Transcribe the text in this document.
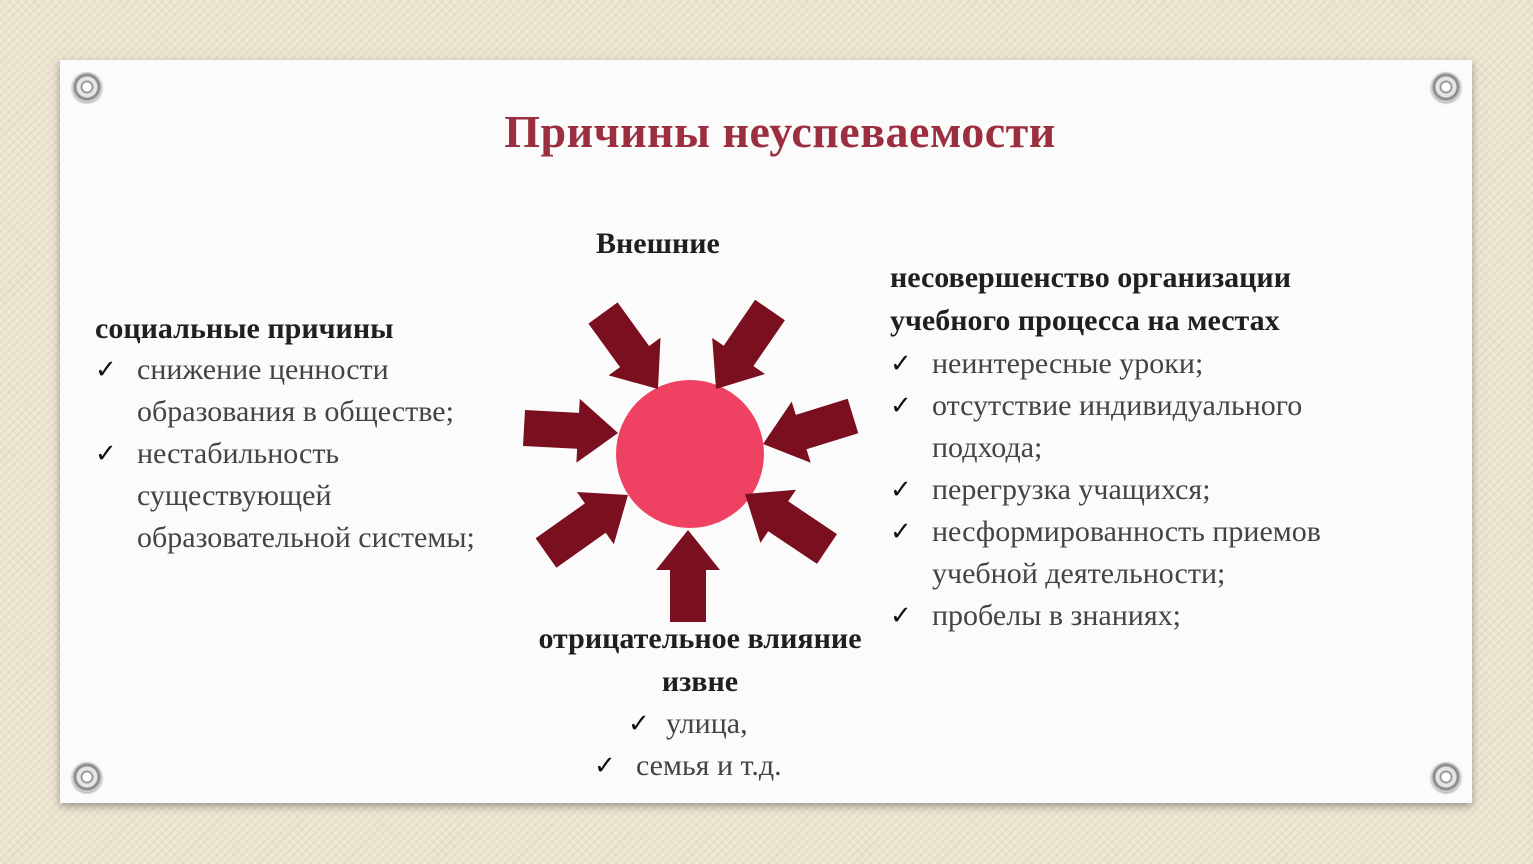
Причины неуспеваемости
Внешние
социальные причины
✓ снижение ценности
образования в обществе;
✓ нестабильность
существующей
образовательной системы;
несовершенство организации
учебного процесса на местах
✓ неинтересные уроки;
✓ отсутствие индивидуального
подхода;
✓ перегрузка учащихся;
✓ несформированность приемов
учебной деятельности;
✓ пробелы в знаниях;
отрицательное влияние
извне
✓ улица,
✓ семья и т.д.
